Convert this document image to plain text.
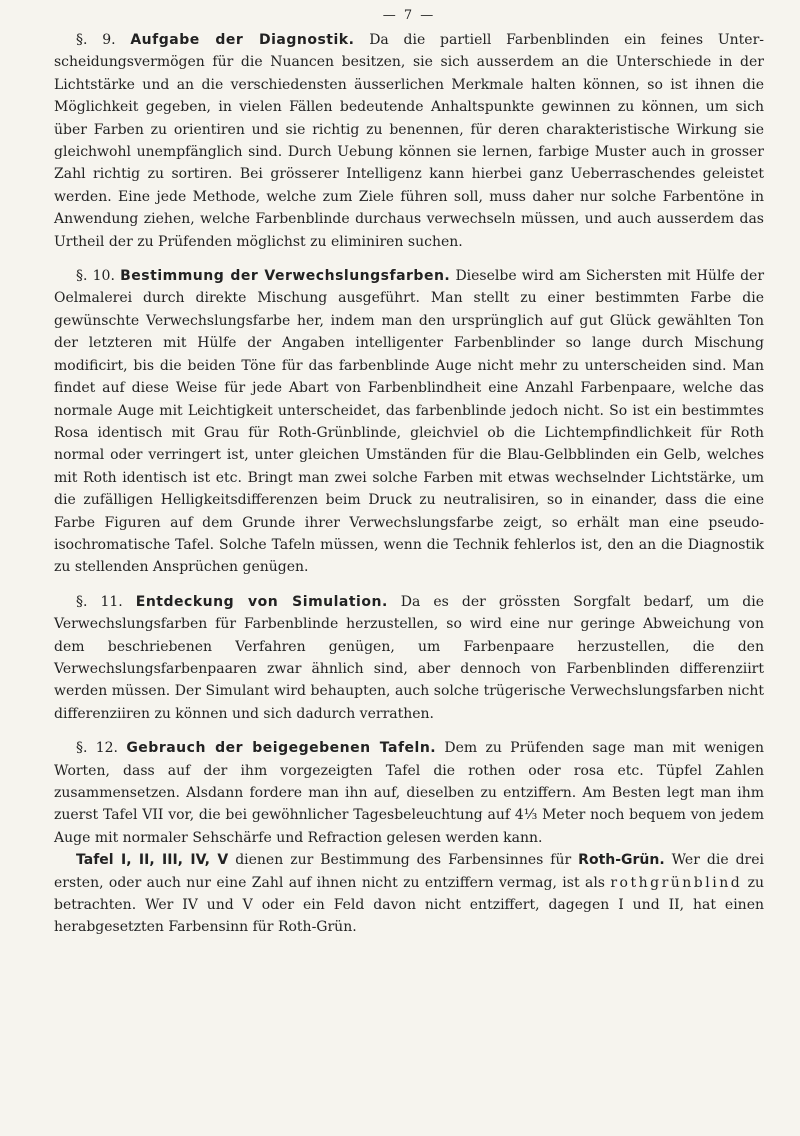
— 7 —

§. 9. Aufgabe der Diagnostik. Da die partiell Farbenblinden ein feines Unterscheidungsvermögen für die Nuancen besitzen, sie sich ausserdem an die Unterschiede in der Lichtstärke und an die verschiedensten äusserlichen Merkmale halten können, so ist ihnen die Möglichkeit gegeben, in vielen Fällen bedeutende Anhaltspunkte gewinnen zu können, um sich über Farben zu orientiren und sie richtig zu benennen, für deren charakteristische Wirkung sie gleichwohl unempfänglich sind. Durch Uebung können sie lernen, farbige Muster auch in grosser Zahl richtig zu sortiren. Bei grösserer Intelligenz kann hierbei ganz Ueberraschendes geleistet werden. Eine jede Methode, welche zum Ziele führen soll, muss daher nur solche Farbentöne in Anwendung ziehen, welche Farbenblinde durchaus verwechseln müssen, und auch ausserdem das Urtheil der zu Prüfenden möglichst zu eliminiren suchen.

§. 10. Bestimmung der Verwechslungsfarben. Dieselbe wird am Sichersten mit Hülfe der Oelmalerei durch direkte Mischung ausgeführt. Man stellt zu einer bestimmten Farbe die gewünschte Verwechslungsfarbe her, indem man den ursprünglich auf gut Glück gewählten Ton der letzteren mit Hülfe der Angaben intelligenter Farbenblinder so lange durch Mischung modificirt, bis die beiden Töne für das farbenblinde Auge nicht mehr zu unterscheiden sind. Man findet auf diese Weise für jede Abart von Farbenblindheit eine Anzahl Farbenpaare, welche das normale Auge mit Leichtigkeit unterscheidet, das farbenblinde jedoch nicht. So ist ein bestimmtes Rosa identisch mit Grau für Roth-Grünblinde, gleichviel ob die Lichtempfindlichkeit für Roth normal oder verringert ist, unter gleichen Umständen für die Blau-Gelbblinden ein Gelb, welches mit Roth identisch ist etc. Bringt man zwei solche Farben mit etwas wechselnder Lichtstärke, um die zufälligen Helligkeitsdifferenzen beim Druck zu neutralisiren, so in einander, dass die eine Farbe Figuren auf dem Grunde ihrer Verwechslungsfarbe zeigt, so erhält man eine pseudoisochromatische Tafel. Solche Tafeln müssen, wenn die Technik fehlerlos ist, den an die Diagnostik zu stellenden Ansprüchen genügen.

§. 11. Entdeckung von Simulation. Da es der grössten Sorgfalt bedarf, um die Verwechslungsfarben für Farbenblinde herzustellen, so wird eine nur geringe Abweichung von dem beschriebenen Verfahren genügen, um Farbenpaare herzustellen, die den Verwechslungsfarbenpaaren zwar ähnlich sind, aber dennoch von Farbenblinden differenziirt werden müssen. Der Simulant wird behaupten, auch solche trügerische Verwechslungsfarben nicht differenziiren zu können und sich dadurch verrathen.

§. 12. Gebrauch der beigegebenen Tafeln. Dem zu Prüfenden sage man mit wenigen Worten, dass auf der ihm vorgezeigten Tafel die rothen oder rosa etc. Tüpfel Zahlen zusammensetzen. Alsdann fordere man ihn auf, dieselben zu entziffern. Am Besten legt man ihm zuerst Tafel VII vor, die bei gewöhnlicher Tagesbeleuchtung auf 4⅓ Meter noch bequem von jedem Auge mit normaler Sehschärfe und Refraction gelesen werden kann.

Tafel I, II, III, IV, V dienen zur Bestimmung des Farbensinnes für Roth-Grün. Wer die drei ersten, oder auch nur eine Zahl auf ihnen nicht zu entziffern vermag, ist als rothgrünblind zu betrachten. Wer IV und V oder ein Feld davon nicht entziffert, dagegen I und II, hat einen herabgesetzten Farbensinn für Roth-Grün.
